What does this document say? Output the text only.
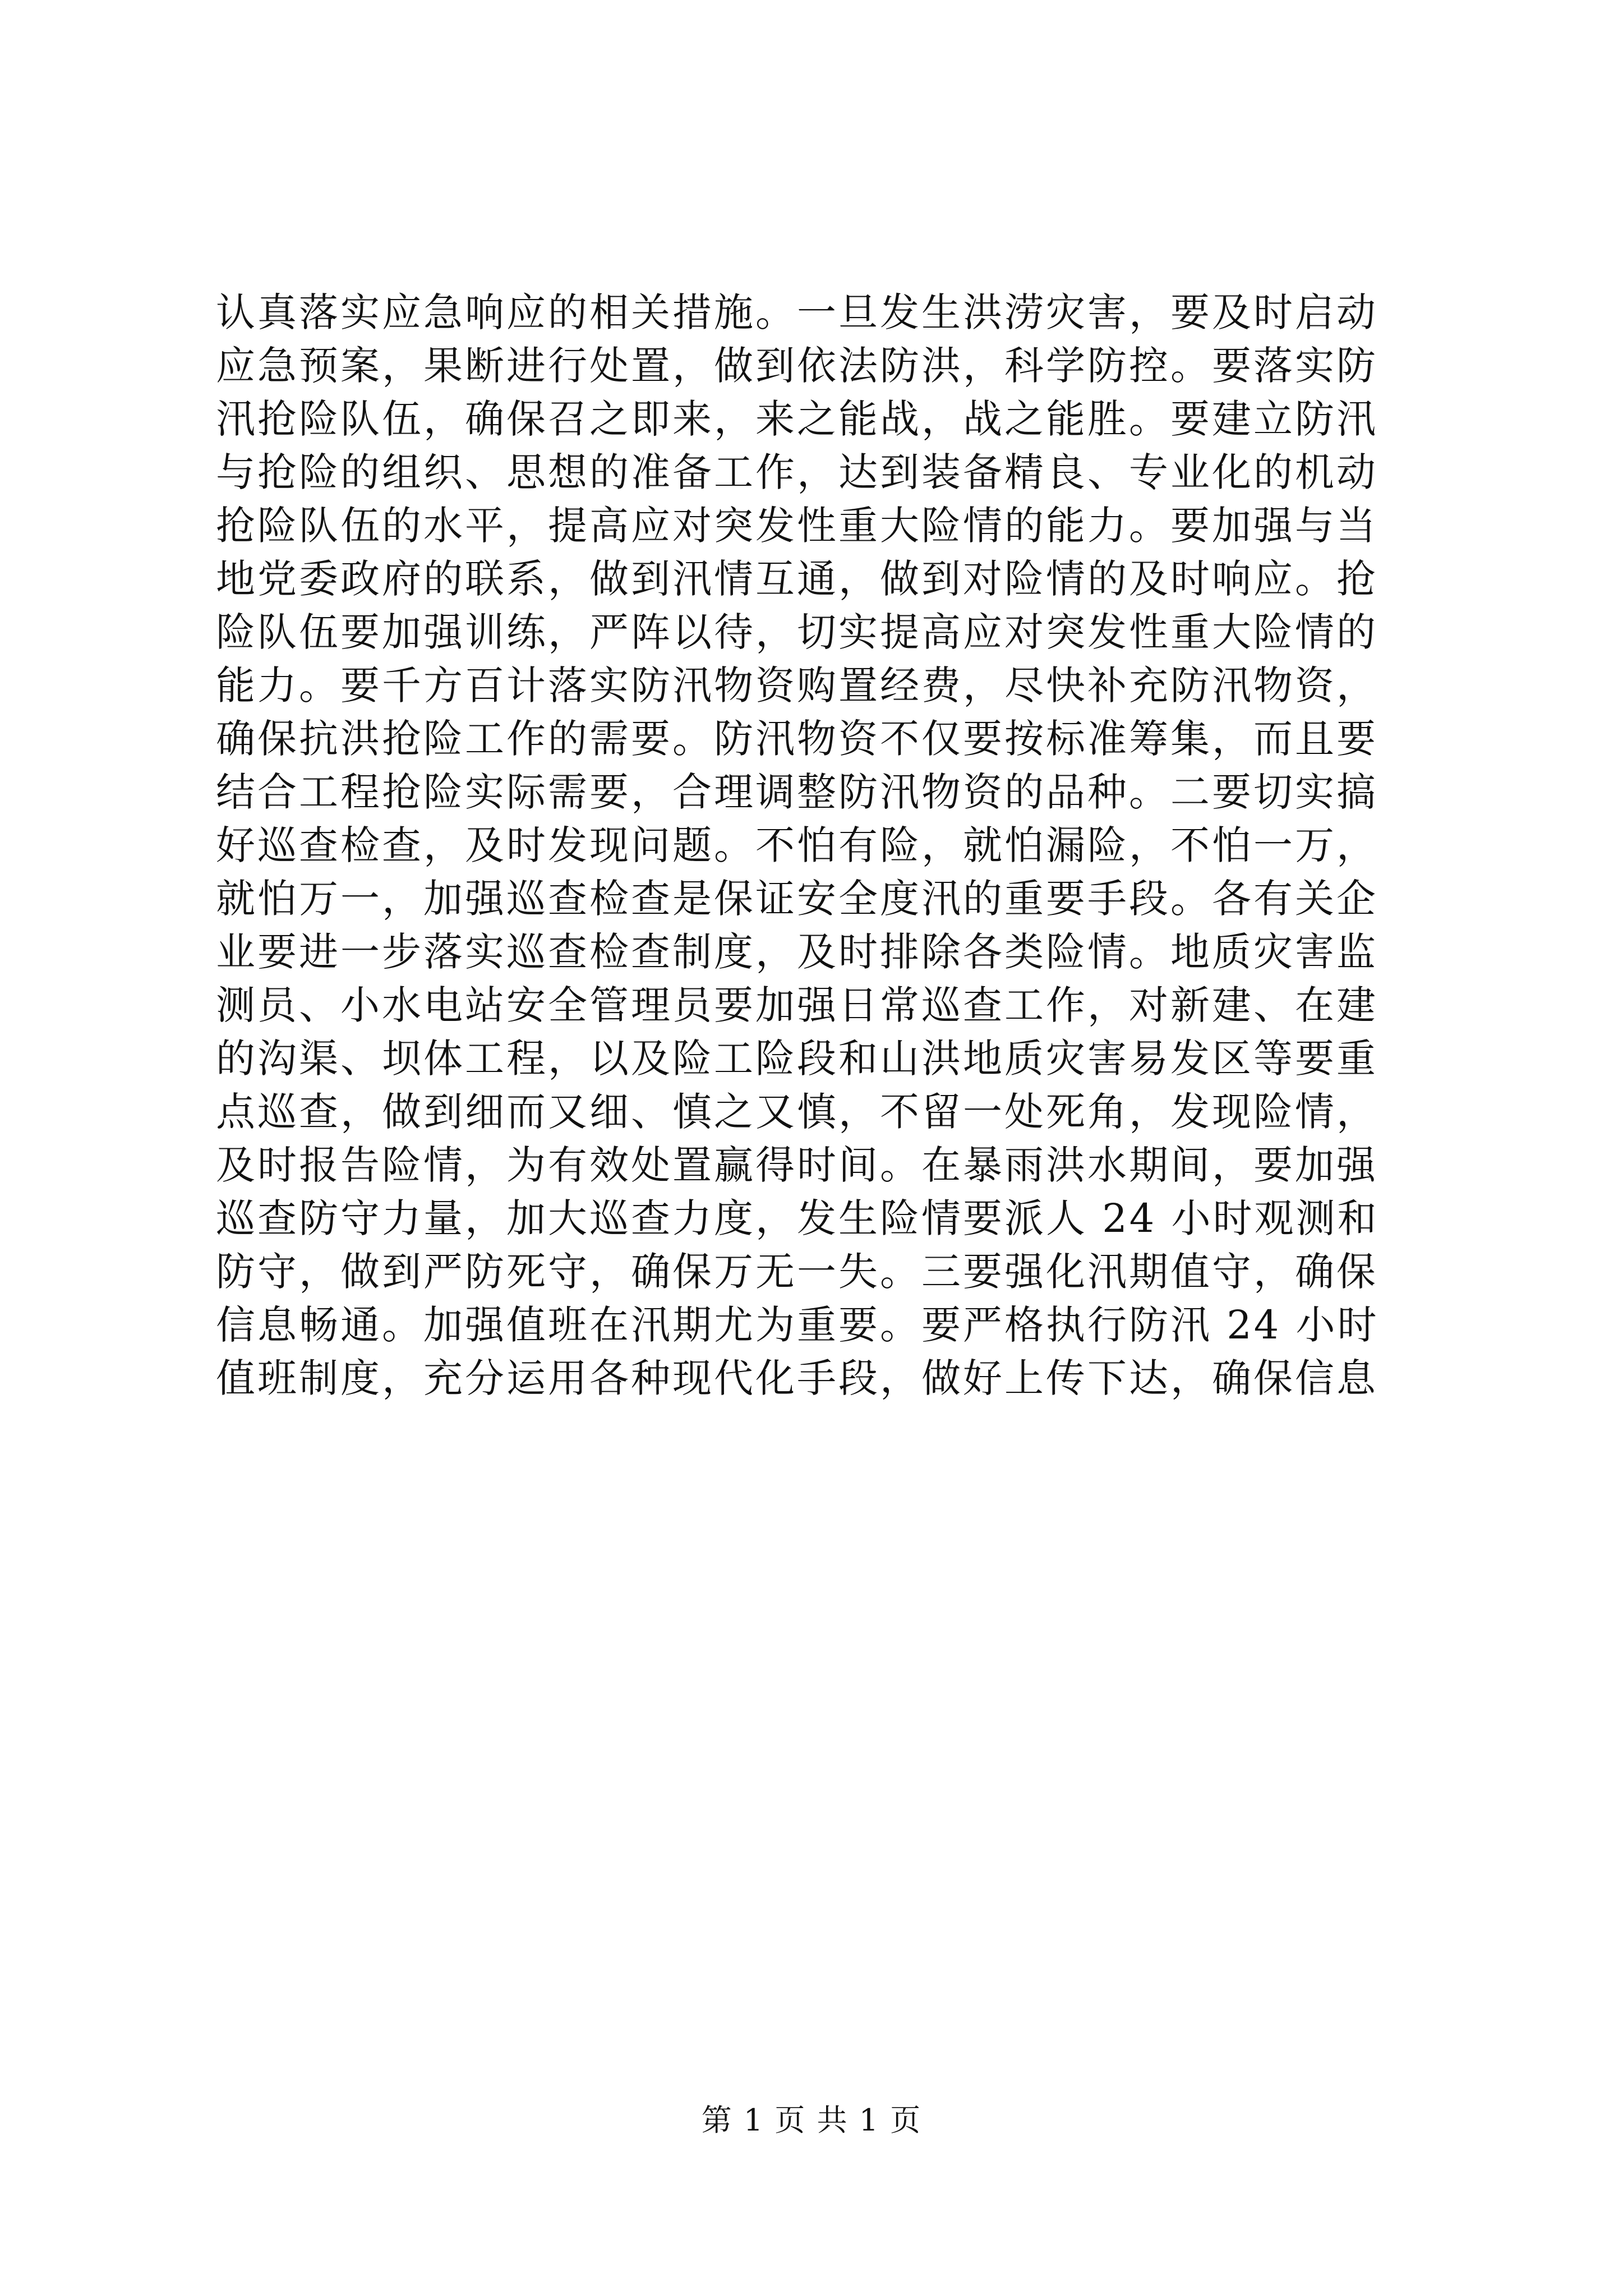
认真落实应急响应的相关措施。一旦发生洪涝灾害，要及时启动
应急预案，果断进行处置，做到依法防洪，科学防控。要落实防
汛抢险队伍，确保召之即来，来之能战，战之能胜。要建立防汛
与抢险的组织、思想的准备工作，达到装备精良、专业化的机动
抢险队伍的水平，提高应对突发性重大险情的能力。要加强与当
地党委政府的联系，做到汛情互通，做到对险情的及时响应。抢
险队伍要加强训练，严阵以待，切实提高应对突发性重大险情的
能力。要千方百计落实防汛物资购置经费，尽快补充防汛物资，
确保抗洪抢险工作的需要。防汛物资不仅要按标准筹集，而且要
结合工程抢险实际需要，合理调整防汛物资的品种。二要切实搞
好巡查检查，及时发现问题。不怕有险，就怕漏险，不怕一万，
就怕万一，加强巡查检查是保证安全度汛的重要手段。各有关企
业要进一步落实巡查检查制度，及时排除各类险情。地质灾害监
测员、小水电站安全管理员要加强日常巡查工作，对新建、在建
的沟渠、坝体工程，以及险工险段和山洪地质灾害易发区等要重
点巡查，做到细而又细、慎之又慎，不留一处死角，发现险情，
及时报告险情，为有效处置赢得时间。在暴雨洪水期间，要加强
巡查防守力量，加大巡查力度，发生险情要派人 24 小时观测和
防守，做到严防死守，确保万无一失。三要强化汛期值守，确保
信息畅通。加强值班在汛期尤为重要。要严格执行防汛 24 小时
值班制度，充分运用各种现代化手段，做好上传下达，确保信息
第 1 页 共 1 页
